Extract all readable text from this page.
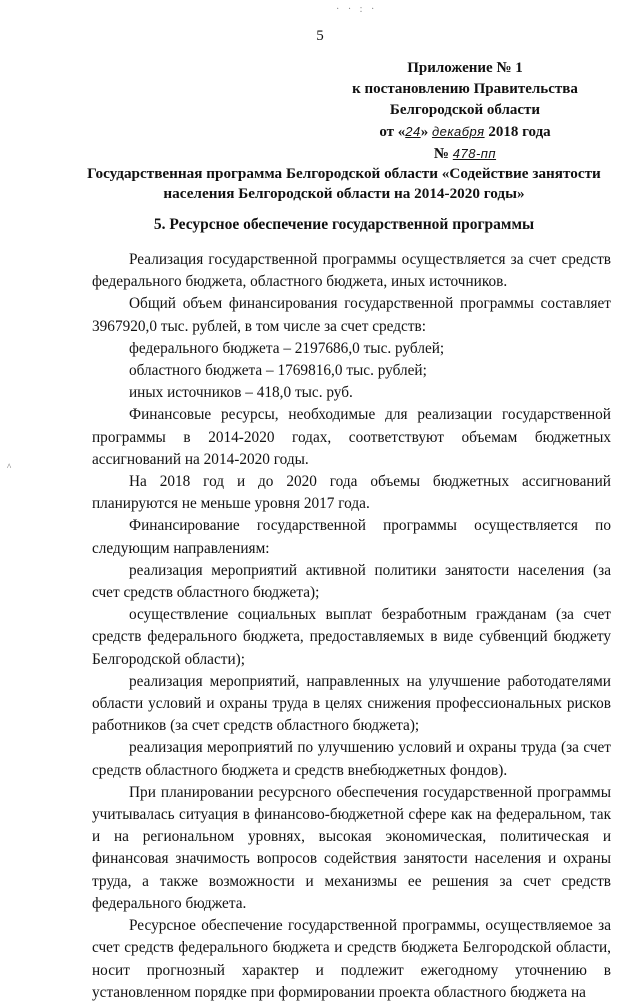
· · : ·
5
^
Приложение № 1
к постановлению Правительства
Белгородской области
от «24» декабря 2018 года
№ 478-пп
Государственная программа Белгородской области «Содействие занятости населения Белгородской области на 2014-2020 годы»
5. Ресурсное обеспечение государственной программы

Реализация государственной программы осуществляется за счет средств федерального бюджета, областного бюджета, иных источников.

Общий объем финансирования государственной программы составляет 3967920,0 тыс. рублей, в том числе за счет средств:

федерального бюджета – 2197686,0 тыс. рублей;

областного бюджета – 1769816,0 тыс. рублей;

иных источников – 418,0 тыс. руб.

Финансовые ресурсы, необходимые для реализации государственной программы в 2014-2020 годах, соответствуют объемам бюджетных ассигнований на 2014-2020 годы.

На 2018 год и до 2020 года объемы бюджетных ассигнований планируются не меньше уровня 2017 года.

Финансирование государственной программы осуществляется по следующим направлениям:

реализация мероприятий активной политики занятости населения (за счет средств областного бюджета);

осуществление социальных выплат безработным гражданам (за счет средств федерального бюджета, предоставляемых в виде субвенций бюджету Белгородской области);

реализация мероприятий, направленных на улучшение работодателями области условий и охраны труда в целях снижения профессиональных рисков работников (за счет средств областного бюджета);

реализация мероприятий по улучшению условий и охраны труда (за счет средств областного бюджета и средств внебюджетных фондов).

При планировании ресурсного обеспечения государственной программы учитывалась ситуация в финансово-бюджетной сфере как на федеральном, так и на региональном уровнях, высокая экономическая, политическая и финансовая значимость вопросов содействия занятости населения и охраны труда, а также возможности и механизмы ее решения за счет средств федерального бюджета.

Ресурсное обеспечение государственной программы, осуществляемое за счет средств федерального бюджета и средств бюджета Белгородской области, носит прогнозный характер и подлежит ежегодному уточнению в установленном порядке при формировании проекта областного бюджета на
